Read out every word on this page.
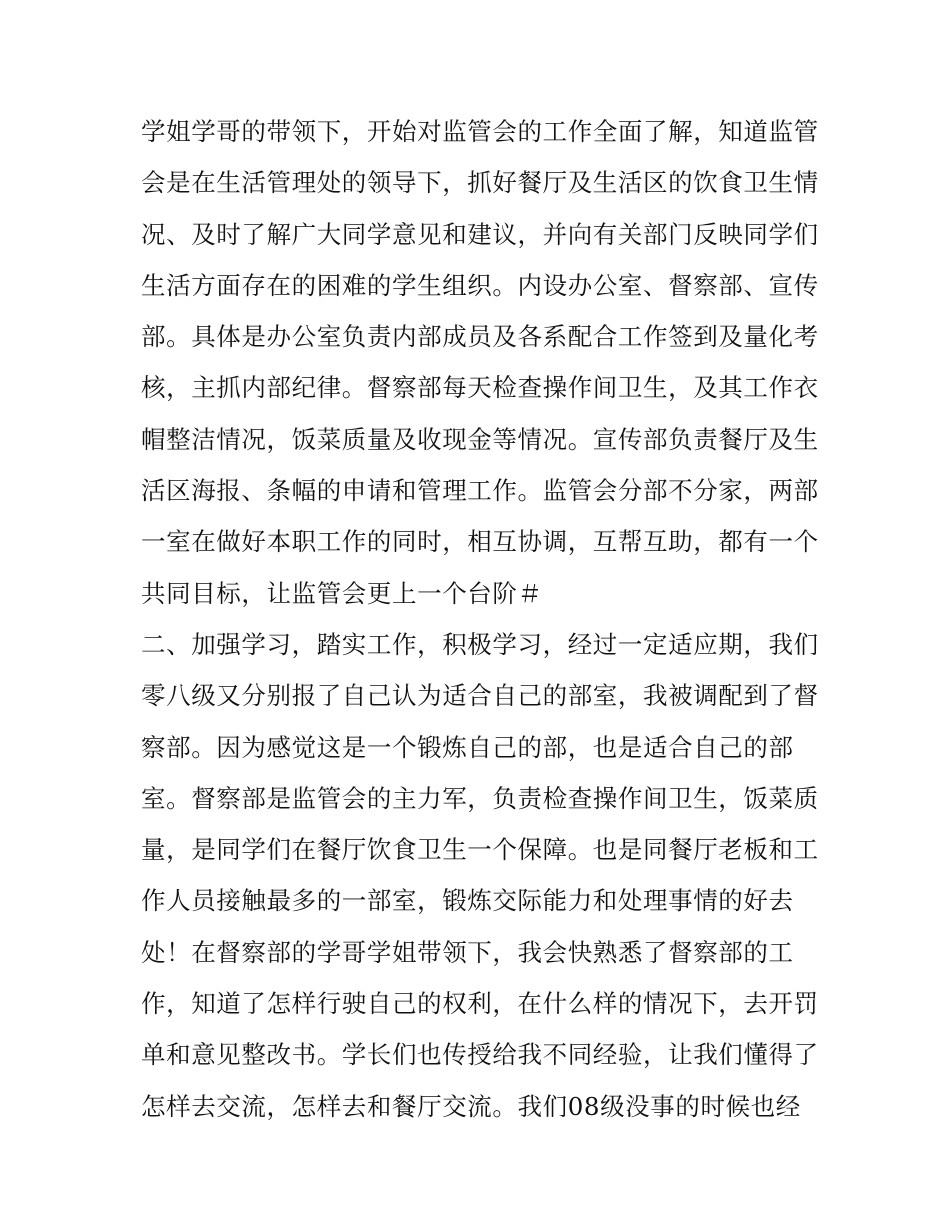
学姐学哥的带领下，开始对监管会的工作全面了解，知道监管
会是在生活管理处的领导下，抓好餐厅及生活区的饮食卫生情
况、及时了解广大同学意见和建议，并向有关部门反映同学们
生活方面存在的困难的学生组织。内设办公室、督察部、宣传
部。具体是办公室负责内部成员及各系配合工作签到及量化考
核，主抓内部纪律。督察部每天检查操作间卫生，及其工作衣
帽整洁情况，饭菜质量及收现金等情况。宣传部负责餐厅及生
活区海报、条幅的申请和管理工作。监管会分部不分家，两部
一室在做好本职工作的同时，相互协调，互帮互助，都有一个
共同目标，让监管会更上一个台阶＃
二、加强学习，踏实工作，积极学习，经过一定适应期，我们
零八级又分别报了自己认为适合自己的部室，我被调配到了督
察部。因为感觉这是一个锻炼自己的部，也是适合自己的部
室。督察部是监管会的主力军，负责检查操作间卫生，饭菜质
量，是同学们在餐厅饮食卫生一个保障。也是同餐厅老板和工
作人员接触最多的一部室，锻炼交际能力和处理事情的好去
处！在督察部的学哥学姐带领下，我会快熟悉了督察部的工
作，知道了怎样行驶自己的权利，在什么样的情况下，去开罚
单和意见整改书。学长们也传授给我不同经验，让我们懂得了
怎样去交流，怎样去和餐厅交流。我们08级没事的时候也经
